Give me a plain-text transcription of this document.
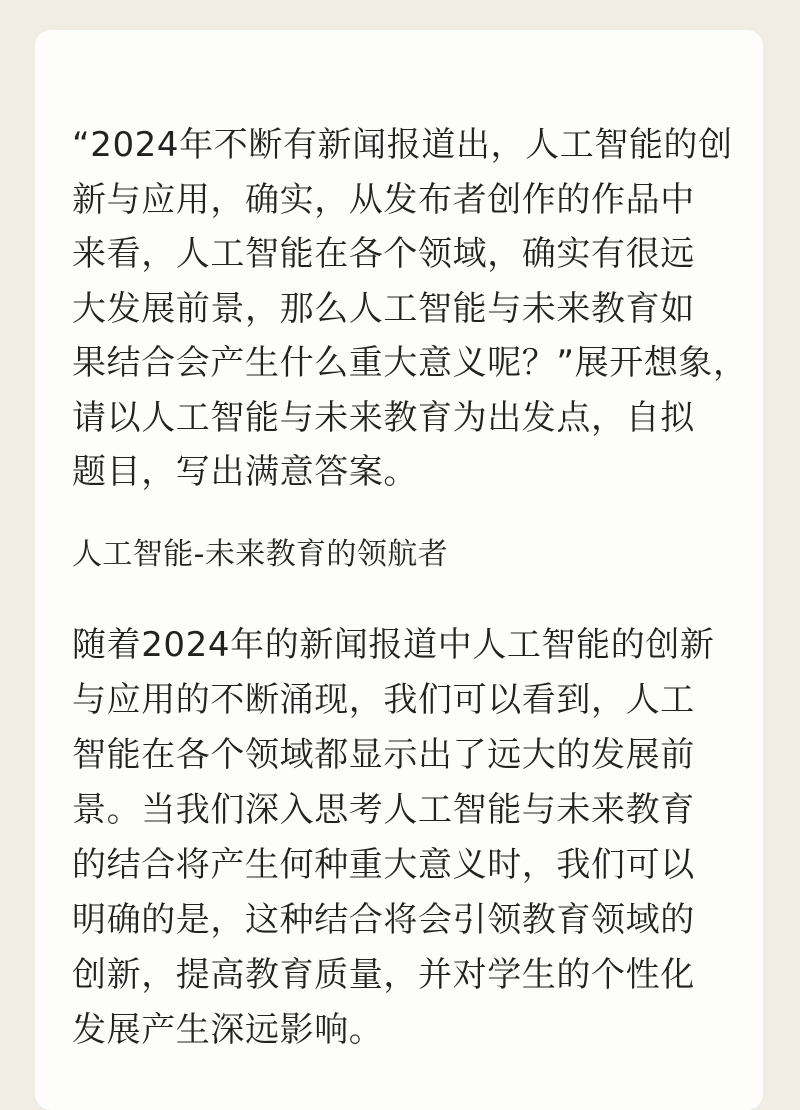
“2024年不断有新闻报道出，人工智能的创
新与应用，确实，从发布者创作的作品中
来看，人工智能在各个领域，确实有很远
大发展前景，那么人工智能与未来教育如
果结合会产生什么重大意义呢？”展开想象，
请以人工智能与未来教育为出发点，自拟
题目，写出满意答案。

人工智能-未来教育的领航者

随着2024年的新闻报道中人工智能的创新
与应用的不断涌现，我们可以看到，人工
智能在各个领域都显示出了远大的发展前
景。当我们深入思考人工智能与未来教育
的结合将产生何种重大意义时，我们可以
明确的是，这种结合将会引领教育领域的
创新，提高教育质量，并对学生的个性化
发展产生深远影响。
